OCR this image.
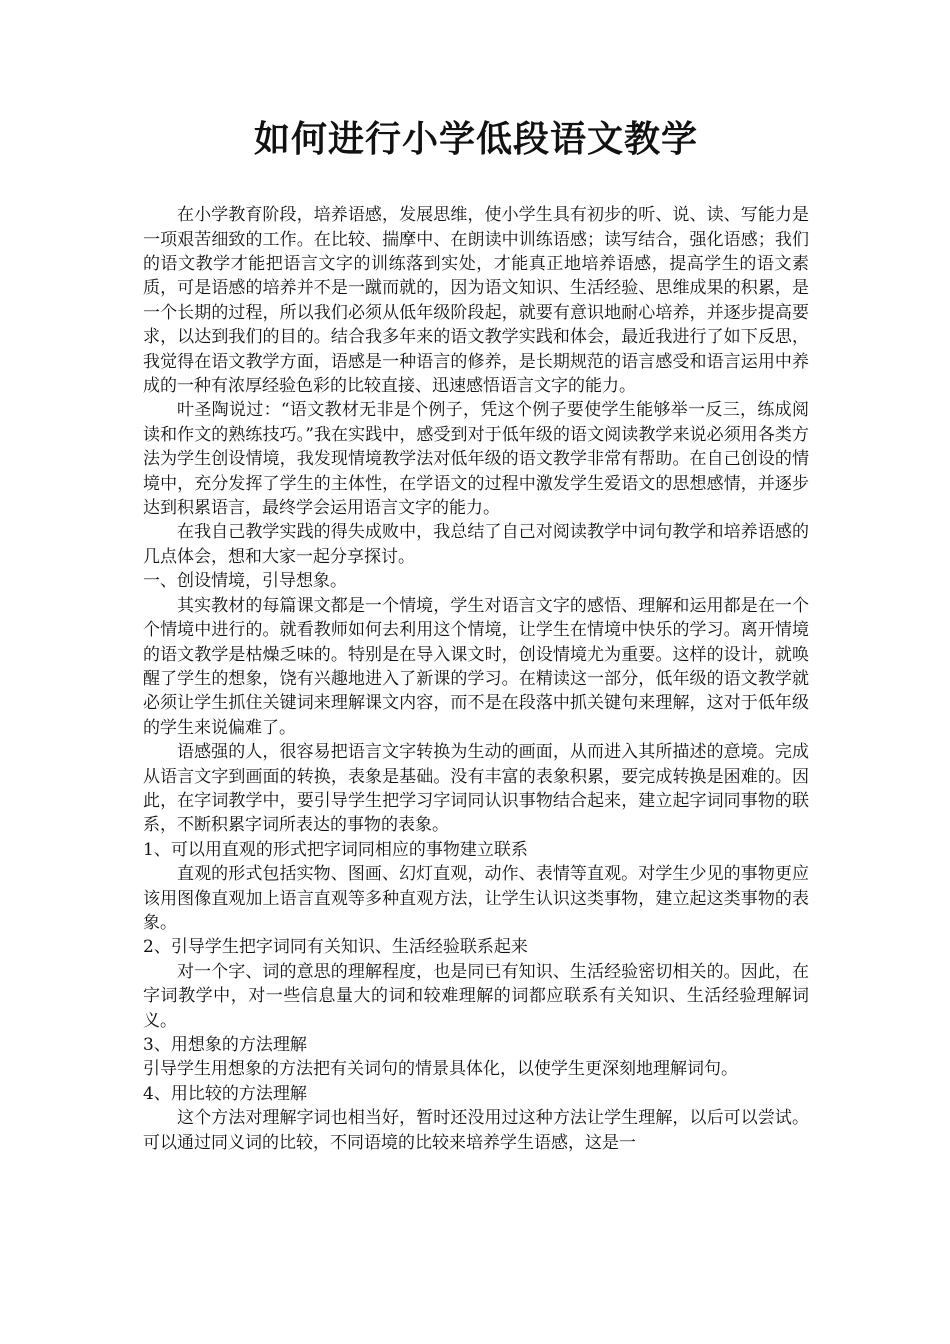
如何进行小学低段语文教学

在小学教育阶段，培养语感，发展思维，使小学生具有初步的听、说、读、写能力是一项艰苦细致的工作。在比较、揣摩中、在朗读中训练语感；读写结合，强化语感；我们的语文教学才能把语言文字的训练落到实处，才能真正地培养语感，提高学生的语文素质，可是语感的培养并不是一蹴而就的，因为语文知识、生活经验、思维成果的积累，是一个长期的过程，所以我们必须从低年级阶段起，就要有意识地耐心培养，并逐步提高要求，以达到我们的目的。结合我多年来的语文教学实践和体会，最近我进行了如下反思，我觉得在语文教学方面，语感是一种语言的修养，是长期规范的语言感受和语言运用中养成的一种有浓厚经验色彩的比较直接、迅速感悟语言文字的能力。

叶圣陶说过：“语文教材无非是个例子，凭这个例子要使学生能够举一反三，练成阅读和作文的熟练技巧。”我在实践中，感受到对于低年级的语文阅读教学来说必须用各类方法为学生创设情境，我发现情境教学法对低年级的语文教学非常有帮助。在自己创设的情境中，充分发挥了学生的主体性，在学语文的过程中激发学生爱语文的思想感情，并逐步达到积累语言，最终学会运用语言文字的能力。

在我自己教学实践的得失成败中，我总结了自己对阅读教学中词句教学和培养语感的几点体会，想和大家一起分享探讨。

一、创设情境，引导想象。

其实教材的每篇课文都是一个情境，学生对语言文字的感悟、理解和运用都是在一个个情境中进行的。就看教师如何去利用这个情境，让学生在情境中快乐的学习。离开情境的语文教学是枯燥乏味的。特别是在导入课文时，创设情境尤为重要。这样的设计，就唤醒了学生的想象，饶有兴趣地进入了新课的学习。在精读这一部分，低年级的语文教学就必须让学生抓住关键词来理解课文内容，而不是在段落中抓关键句来理解，这对于低年级的学生来说偏难了。

语感强的人，很容易把语言文字转换为生动的画面，从而进入其所描述的意境。完成从语言文字到画面的转换，表象是基础。没有丰富的表象积累，要完成转换是困难的。因此，在字词教学中，要引导学生把学习字词同认识事物结合起来，建立起字词同事物的联系，不断积累字词所表达的事物的表象。

1、可以用直观的形式把字词同相应的事物建立联系

直观的形式包括实物、图画、幻灯直观，动作、表情等直观。对学生少见的事物更应该用图像直观加上语言直观等多种直观方法，让学生认识这类事物，建立起这类事物的表象。

2、引导学生把字词同有关知识、生活经验联系起来

对一个字、词的意思的理解程度，也是同已有知识、生活经验密切相关的。因此，在字词教学中，对一些信息量大的词和较难理解的词都应联系有关知识、生活经验理解词义。

3、用想象的方法理解

引导学生用想象的方法把有关词句的情景具体化，以使学生更深刻地理解词句。

4、用比较的方法理解

这个方法对理解字词也相当好，暂时还没用过这种方法让学生理解，以后可以尝试。可以通过同义词的比较，不同语境的比较来培养学生语感，这是一
